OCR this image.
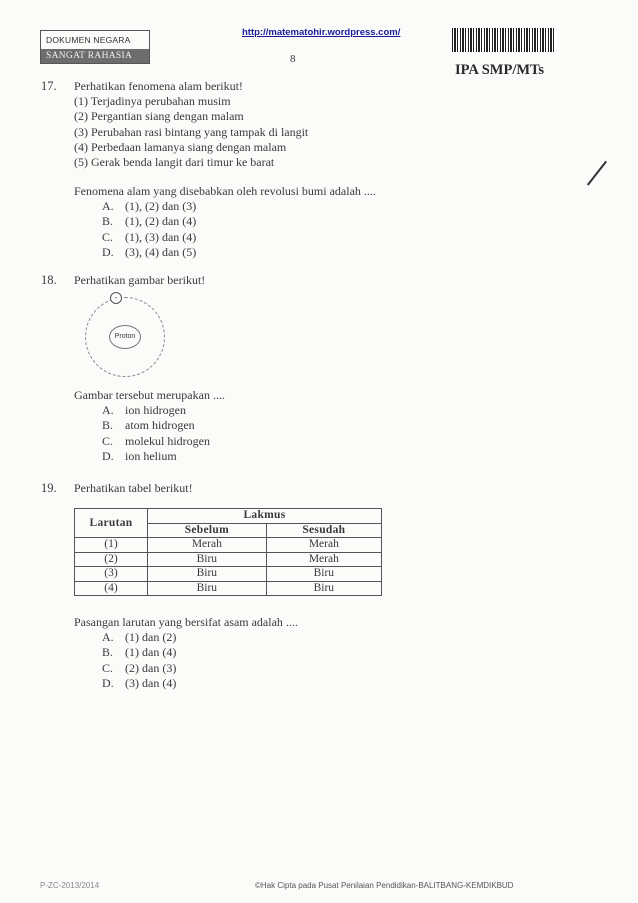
DOKUMEN NEGARA
SANGAT RAHASIA
http://matematohir.wordpress.com/
8
IPA SMP/MTs
17. Perhatikan fenomena alam berikut!
(1) Terjadinya perubahan musim
(2) Pergantian siang dengan malam
(3) Perubahan rasi bintang yang tampak di langit
(4) Perbedaan lamanya siang dengan malam
(5) Gerak benda langit dari timur ke barat
Fenomena alam yang disebabkan oleh revolusi bumi adalah ....
A. (1), (2) dan (3)
B. (1), (2) dan (4)
C. (1), (3) dan (4)
D. (3), (4) dan (5)
18. Perhatikan gambar berikut!
Proton
-
Gambar tersebut merupakan ....
A. ion hidrogen
B. atom hidrogen
C. molekul hidrogen
D. ion helium
19. Perhatikan tabel berikut!
Larutan	Lakmus	
	Sebelum	Sesudah
(1)	Merah	Merah
(2)	Biru	Merah
(3)	Biru	Biru
(4)	Biru	Biru
Pasangan larutan yang bersifat asam adalah ....
A. (1) dan (2)
B. (1) dan (4)
C. (2) dan (3)
D. (3) dan (4)
P-ZC-2013/2014	©Hak Cipta pada Pusat Penilaian Pendidikan-BALITBANG-KEMDIKBUD
